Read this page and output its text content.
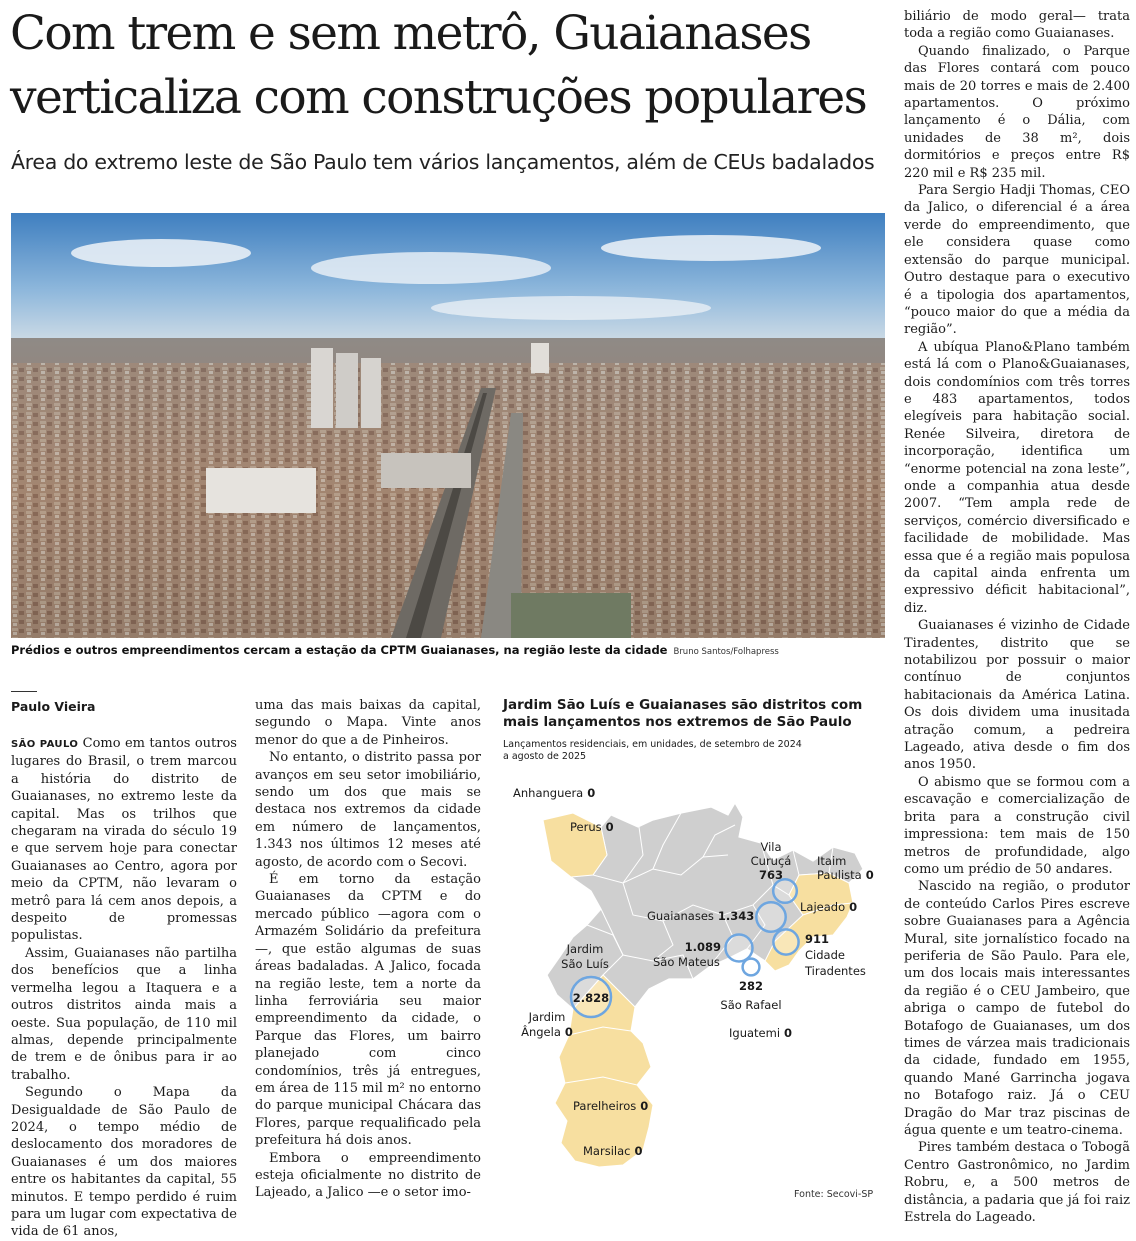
Com trem e sem metrô, Guaianases
verticaliza com construções populares
Área do extremo leste de São Paulo tem vários lançamentos, além de CEUs badalados
Prédios e outros empreendimentos cercam a estação da CPTM Guaianases, na região leste da cidade Bruno Santos/Folhapress
Paulo Vieira

SÃO PAULO Como em tantos outros lugares do Brasil, o trem marcou a história do distrito de Guaianases, no extremo leste da capital. Mas os trilhos que chegaram na virada do século 19 e que servem hoje para conectar Guaianases ao Centro, agora por meio da CPTM, não levaram o metrô para lá cem anos depois, a despeito de promessas populistas.

Assim, Guaianases não partilha dos benefícios que a linha vermelha legou a Itaquera e a outros distritos ainda mais a oeste. Sua população, de 110 mil almas, depende principalmente de trem e de ônibus para ir ao trabalho.

Segundo o Mapa da Desigualdade de São Paulo de 2024, o tempo médio de deslocamento dos moradores de Guaianases é um dos maiores entre os habitantes da capital, 55 minutos. E tempo perdido é ruim para um lugar com expectativa de vida de 61 anos,

uma das mais baixas da capital, segundo o Mapa. Vinte anos menor do que a de Pinheiros.

No entanto, o distrito passa por avanços em seu setor imobiliário, sendo um dos que mais se destaca nos extremos da cidade em número de lançamentos, 1.343 nos últimos 12 meses até agosto, de acordo com o Secovi.

É em torno da estação Guaianases da CPTM e do mercado público —agora com o Armazém Solidário da prefeitura—, que estão algumas de suas áreas badaladas. A Jalico, focada na região leste, tem a norte da linha ferroviária seu maior empreendimento da cidade, o Parque das Flores, um bairro planejado com cinco condomínios, três já entregues, em área de 115 mil m² no entorno do parque municipal Chácara das Flores, parque requalificado pela prefeitura há dois anos.

Embora o empreendimento esteja oficialmente no distrito de Lajeado, a Jalico —e o setor imo-

Jardim São Luís e Guaianases são distritos com mais lançamentos nos extremos de São Paulo
Lançamentos residenciais, em unidades, de setembro de 2024 a agosto de 2025
Anhanguera 0
Perus 0
Vila
Curuçá
763
Itaim
Paulista 0
Guaianases 1.343
Lajeado 0
1.089
São Mateus
911
Cidade
Tiradentes
282
São Rafael
Iguatemi 0
Jardim
São Luís
2.828
Jardim
Ângela 0
Parelheiros 0
Marsilac 0
Fonte: Secovi-SP

biliário de modo geral— trata toda a região como Guaianases.

Quando finalizado, o Parque das Flores contará com pouco mais de 20 torres e mais de 2.400 apartamentos. O próximo lançamento é o Dália, com unidades de 38 m², dois dormitórios e preços entre R$ 220 mil e R$ 235 mil.

Para Sergio Hadji Thomas, CEO da Jalico, o diferencial é a área verde do empreendimento, que ele considera quase como extensão do parque municipal. Outro destaque para o executivo é a tipologia dos apartamentos, “pouco maior do que a média da região”.

A ubíqua Plano&Plano também está lá com o Plano&Guaianases, dois condomínios com três torres e 483 apartamentos, todos elegíveis para habitação social. Renée Silveira, diretora de incorporação, identifica um “enorme potencial na zona leste”, onde a companhia atua desde 2007. “Tem ampla rede de serviços, comércio diversificado e facilidade de mobilidade. Mas essa que é a região mais populosa da capital ainda enfrenta um expressivo déficit habitacional”, diz.

Guaianases é vizinho de Cidade Tiradentes, distrito que se notabilizou por possuir o maior contínuo de conjuntos habitacionais da América Latina. Os dois dividem uma inusitada atração comum, a pedreira Lageado, ativa desde o fim dos anos 1950.

O abismo que se formou com a escavação e comercialização de brita para a construção civil impressiona: tem mais de 150 metros de profundidade, algo como um prédio de 50 andares.

Nascido na região, o produtor de conteúdo Carlos Pires escreve sobre Guaianases para a Agência Mural, site jornalístico focado na periferia de São Paulo. Para ele, um dos locais mais interessantes da região é o CEU Jambeiro, que abriga o campo de futebol do Botafogo de Guaianases, um dos times de várzea mais tradicionais da cidade, fundado em 1955, quando Mané Garrincha jogava no Botafogo raiz. Já o CEU Dragão do Mar traz piscinas de água quente e um teatro-cinema.

Pires também destaca o Tobogã Centro Gastronômico, no Jardim Robru, e, a 500 metros de distância, a padaria que já foi raiz Estrela do Lageado.
